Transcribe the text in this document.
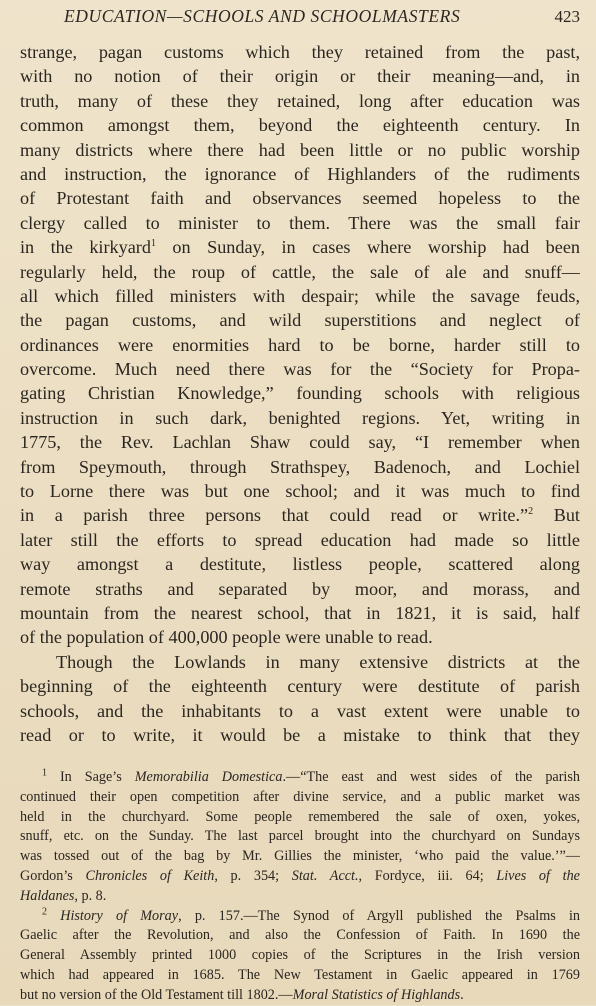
EDUCATION—SCHOOLS AND SCHOOLMASTERS	423
strange, pagan customs which they retained from the past,
with no notion of their origin or their meaning—and, in
truth, many of these they retained, long after education was
common amongst them, beyond the eighteenth century. In
many districts where there had been little or no public worship
and instruction, the ignorance of Highlanders of the rudiments
of Protestant faith and observances seemed hopeless to the
clergy called to minister to them. There was the small fair
in the kirkyard$^1$ on Sunday, in cases where worship had been
regularly held, the roup of cattle, the sale of ale and snuff—
all which filled ministers with despair; while the savage feuds,
the pagan customs, and wild superstitions and neglect of
ordinances were enormities hard to be borne, harder still to
overcome. Much need there was for the “Society for Propa-
gating Christian Knowledge,” founding schools with religious
instruction in such dark, benighted regions. Yet, writing in
1775, the Rev. Lachlan Shaw could say, “I remember when
from Speymouth, through Strathspey, Badenoch, and Lochiel
to Lorne there was but one school; and it was much to find
in a parish three persons that could read or write.”$^2$ But
later still the efforts to spread education had made so little
way amongst a destitute, listless people, scattered along
remote straths and separated by moor, and morass, and
mountain from the nearest school, that in 1821, it is said, half
of the population of 400,000 people were unable to read.
Though the Lowlands in many extensive districts at the
beginning of the eighteenth century were destitute of parish
schools, and the inhabitants to a vast extent were unable to
read or to write, it would be a mistake to think that they
$^1$ In Sage’s Memorabilia Domestica.—“The east and west sides of the parish
continued their open competition after divine service, and a public market was
held in the churchyard. Some people remembered the sale of oxen, yokes,
snuff, etc. on the Sunday. The last parcel brought into the churchyard on Sundays
was tossed out of the bag by Mr. Gillies the minister, ‘who paid the value.’”—
Gordon’s Chronicles of Keith, p. 354; Stat. Acct., Fordyce, iii. 64; Lives of the
Haldanes, p. 8.
$^2$ History of Moray, p. 157.—The Synod of Argyll published the Psalms in
Gaelic after the Revolution, and also the Confession of Faith. In 1690 the
General Assembly printed 1000 copies of the Scriptures in the Irish version
which had appeared in 1685. The New Testament in Gaelic appeared in 1769
but no version of the Old Testament till 1802.—Moral Statistics of Highlands.
